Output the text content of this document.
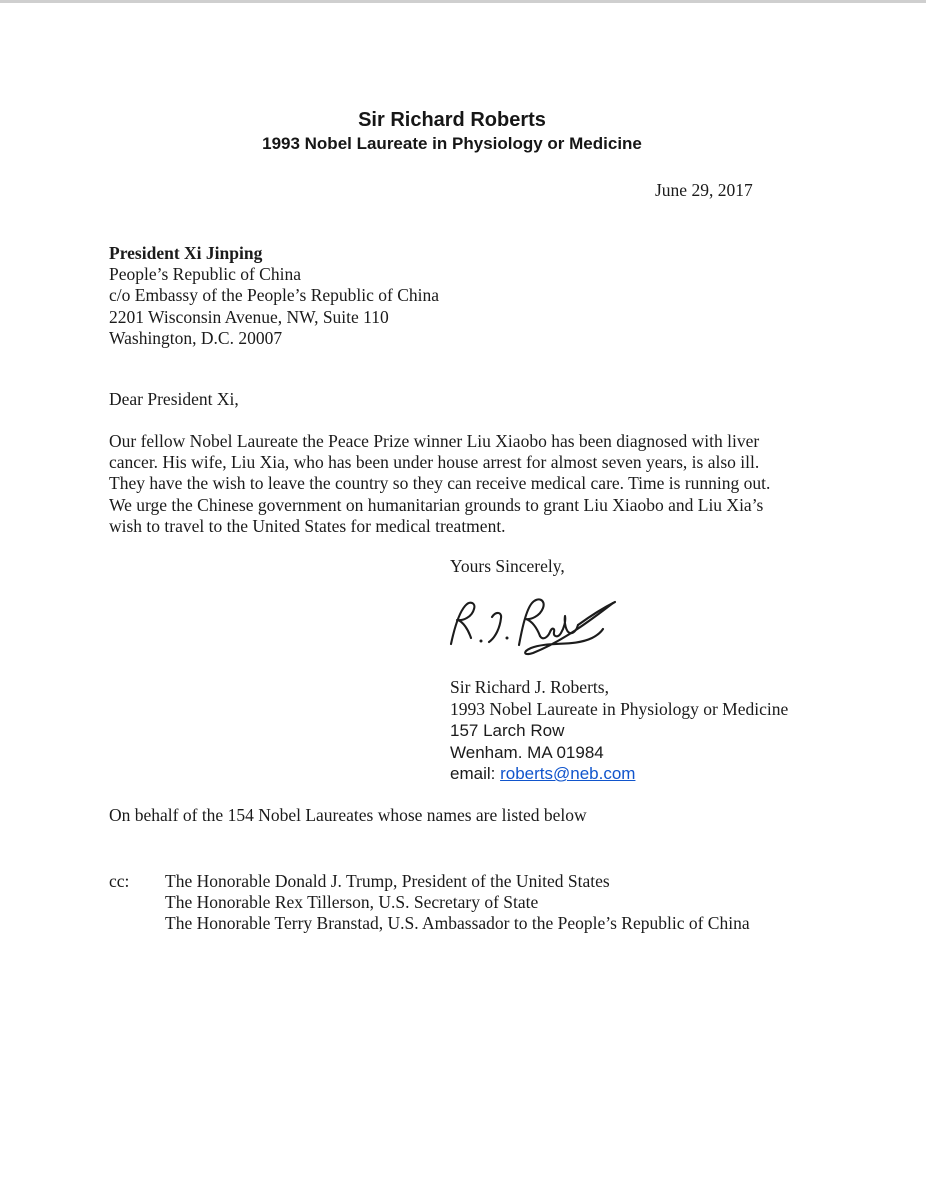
Sir Richard Roberts
1993 Nobel Laureate in Physiology or Medicine
June 29, 2017
President Xi Jinping
People’s Republic of China
c/o Embassy of the People’s Republic of China
2201 Wisconsin Avenue, NW, Suite 110
Washington, D.C. 20007
Dear President Xi,
Our fellow Nobel Laureate the Peace Prize winner Liu Xiaobo has been diagnosed with liver
cancer. His wife, Liu Xia, who has been under house arrest for almost seven years, is also ill.
They have the wish to leave the country so they can receive medical care. Time is running out.
We urge the Chinese government on humanitarian grounds to grant Liu Xiaobo and Liu Xia’s
wish to travel to the United States for medical treatment.
Yours Sincerely,
Sir Richard J. Roberts,
1993 Nobel Laureate in Physiology or Medicine
157 Larch Row
Wenham. MA 01984
email: roberts@neb.com
On behalf of the 154 Nobel Laureates whose names are listed below
cc: The Honorable Donald J. Trump, President of the United States
The Honorable Rex Tillerson, U.S. Secretary of State
The Honorable Terry Branstad, U.S. Ambassador to the People’s Republic of China
